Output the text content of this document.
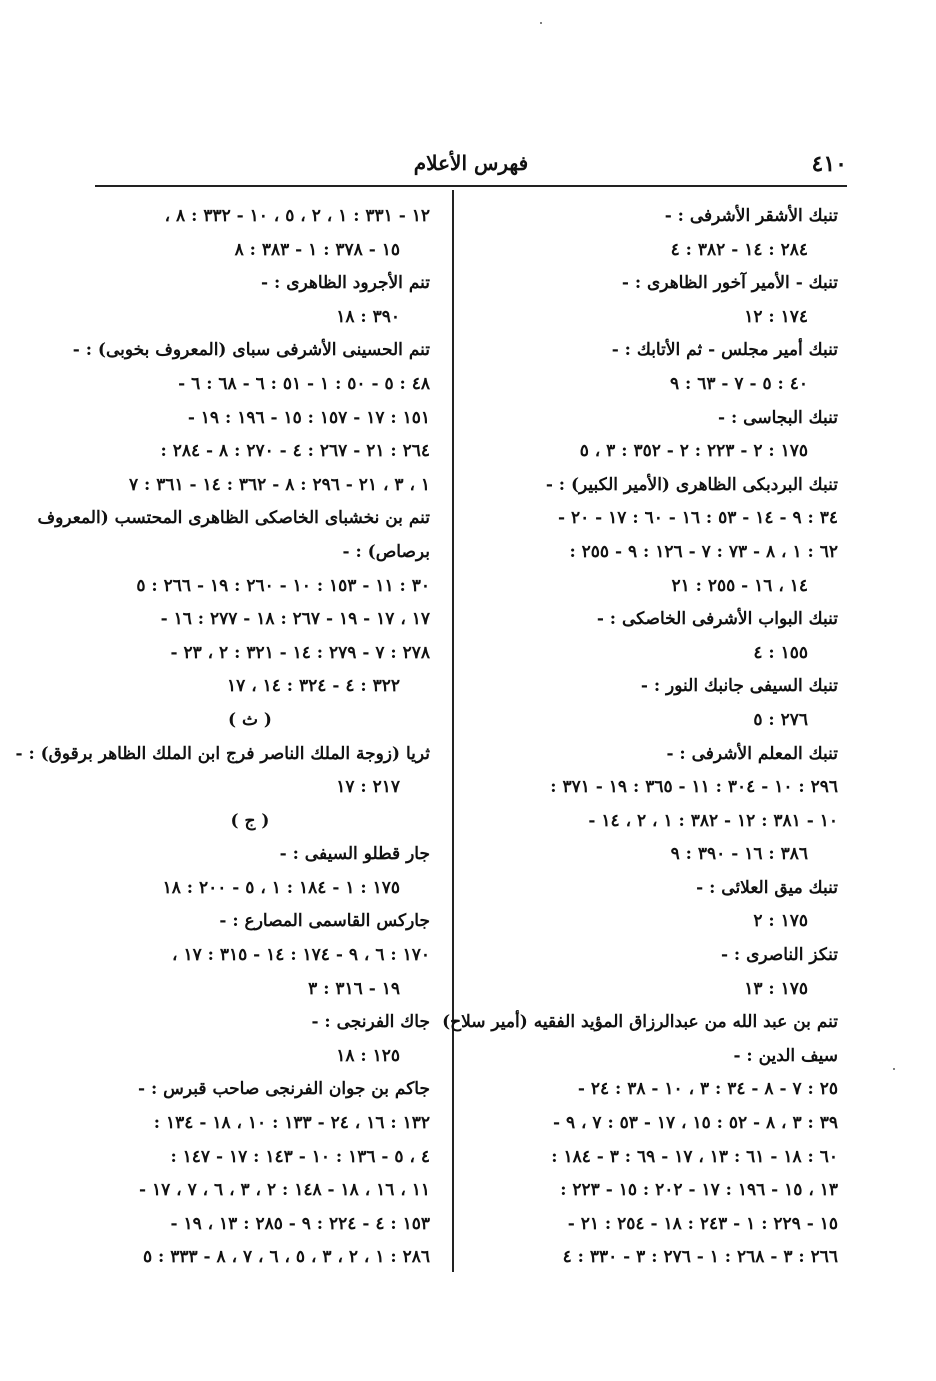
٤١٠
فهرس الأعلام
تنبك الأشقر الأشرفى : -
٢٨٤ : ١٤ - ٣٨٢ : ٤
تنبك - الأمير آخور الظاهرى : -
١٧٤ : ١٢
تنبك أمير مجلس - ثم الأتابك : -
٤٠ : ٥ - ٧ - ٦٣ : ٩
تنبك البجاسى : -
١٧٥ : ٢ - ٢٢٣ : ٢ - ٣٥٢ : ٣ ، ٥
تنبك البردبكى الظاهرى (الأمير الكبير) : -
٣٤ : ٩ - ١٤ - ٥٣ : ١٦ - ٦٠ : ١٧ - ٢٠ -
٦٢ : ١ ، ٨ - ٧٣ : ٧ - ١٢٦ : ٩ - ٢٥٥ :
١٤ ، ١٦ - ٢٥٥ : ٢١
تنبك البواب الأشرفى الخاصكى : -
١٥٥ : ٤
تنبك السيفى جانبك النور : -
٢٧٦ : ٥
تنبك المعلم الأشرفى : -
٢٩٦ : ١٠ - ٣٠٤ : ١١ - ٣٦٥ : ١٩ - ٣٧١ :
١٠ - ٣٨١ : ١٢ - ٣٨٢ : ١ ، ٢ ، ١٤ -
٣٨٦ : ١٦ - ٣٩٠ : ٩
تنبك ميق العلائى : -
١٧٥ : ٢
تنكز الناصرى : -
١٧٥ : ١٣
تنم بن عبد الله من عبدالرزاق المؤيد الفقيه (أمير سلاح)
سيف الدين : -
٢٥ : ٧ - ٨ - ٣٤ : ٣ ، ١٠ - ٣٨ : ٢٤ -
٣٩ : ٣ ، ٨ - ٥٢ : ١٥ ، ١٧ - ٥٣ : ٧ ، ٩ -
٦٠ : ١٨ - ٦١ : ١٣ ، ١٧ - ٦٩ : ٣ - ١٨٤ :
١٣ ، ١٥ - ١٩٦ : ١٧ - ٢٠٢ : ١٥ - ٢٢٣ :
١٥ - ٢٢٩ : ١ - ٢٤٣ : ١٨ - ٢٥٤ : ٢١ -
٢٦٦ : ٣ - ٢٦٨ : ١ - ٢٧٦ : ٣ - ٣٣٠ : ٤
١٢ - ٣٣١ : ١ ، ٢ ، ٥ ، ١٠ - ٣٣٢ : ٨ ،
١٥ - ٣٧٨ : ١ - ٣٨٣ : ٨
تنم الأجرود الظاهرى : -
٣٩٠ : ١٨
تنم الحسينى الأشرفى سباى (المعروف بخوبى) : -
٤٨ : ٥ - ٥٠ : ١ - ٥١ : ٦ - ٦٨ : ٦ -
١٥١ : ١٧ - ١٥٧ : ١٥ - ١٩٦ : ١٩ -
٢٦٤ : ٢١ - ٢٦٧ : ٤ - ٢٧٠ : ٨ - ٢٨٤ :
١ ، ٣ ، ٢١ - ٢٩٦ : ٨ - ٣٦٢ : ١٤ - ٣٦١ : ٧
تنم بن نخشباى الخاصكى الظاهرى المحتسب (المعروف
برصاص) : -
٣٠ : ١١ - ١٥٣ : ١٠ - ٢٦٠ : ١٩ - ٢٦٦ : ٥
١٧ ، ١٧ - ١٩ - ٢٦٧ : ١٨ - ٢٧٧ : ١٦ -
٢٧٨ : ٧ - ٢٧٩ : ١٤ - ٣٢١ : ٢ ، ٢٣ -
٣٢٢ : ٤ - ٣٢٤ : ١٤ ، ١٧
( ث )
ثريا (زوجة الملك الناصر فرج ابن الملك الظاهر برقوق) : -
٢١٧ : ١٧
( ج )
جار قطلو السيفى : -
١٧٥ : ١ - ١٨٤ : ١ ، ٥ - ٢٠٠ : ١٨
جاركس القاسمى المصارع : -
١٧٠ : ٦ ، ٩ - ١٧٤ : ١٤ - ٣١٥ : ١٧ ،
١٩ - ٣١٦ : ٣
جاك الفرنجى : -
١٢٥ : ١٨
جاكم بن جوان الفرنجى صاحب قبرس : -
١٣٢ : ١٦ ، ٢٤ - ١٣٣ : ١٠ ، ١٨ - ١٣٤ :
٤ ، ٥ - ١٣٦ : ١٠ - ١٤٣ : ١٧ - ١٤٧ :
١١ ، ١٦ ، ١٨ - ١٤٨ : ٢ ، ٣ ، ٦ ، ٧ ، ١٧ -
١٥٣ : ٤ - ٢٢٤ : ٩ - ٢٨٥ : ١٣ ، ١٩ -
٢٨٦ : ١ ، ٢ ، ٣ ، ٥ ، ٦ ، ٧ ، ٨ - ٣٣٣ : ٥
